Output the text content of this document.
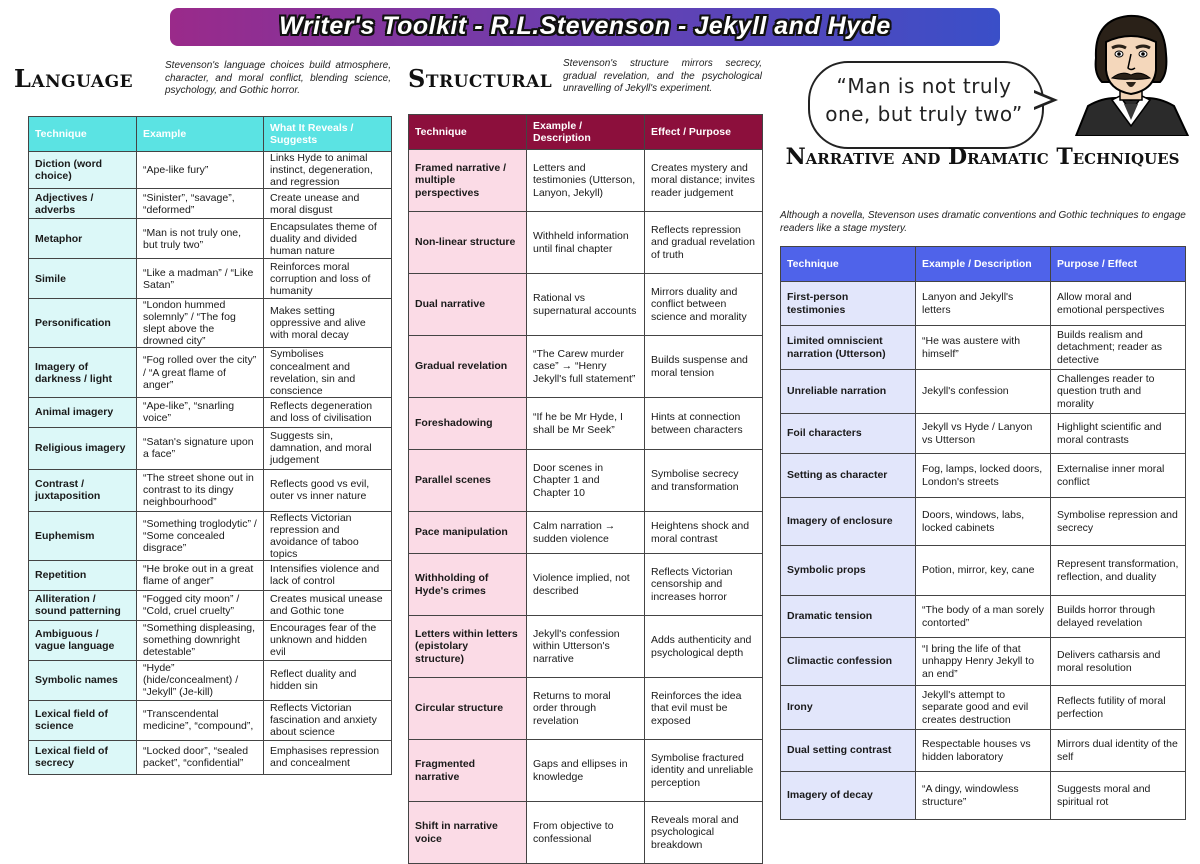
Writer's Toolkit - R.L.Stevenson - Jekyll and Hyde
Language	Stevenson's language choices build atmosphere, character, and moral conflict, blending science, psychology, and Gothic horror.
Technique	Example	What It Reveals / Suggests
Diction (word choice)	“Ape-like fury”	Links Hyde to animal instinct, degeneration, and regression
Adjectives / adverbs	“Sinister”, “savage”, “deformed”	Create unease and moral disgust
Metaphor	“Man is not truly one, but truly two”	Encapsulates theme of duality and divided human nature
Simile	“Like a madman” / “Like Satan”	Reinforces moral corruption and loss of humanity
Personification	“London hummed solemnly” / “The fog slept above the drowned city”	Makes setting oppressive and alive with moral decay
Imagery of darkness / light	“Fog rolled over the city” / “A great flame of anger”	Symbolises concealment and revelation, sin and conscience
Animal imagery	“Ape-like”, “snarling voice”	Reflects degeneration and loss of civilisation
Religious imagery	“Satan's signature upon a face”	Suggests sin, damnation, and moral judgement
Contrast / juxtaposition	“The street shone out in contrast to its dingy neighbourhood”	Reflects good vs evil, outer vs inner nature
Euphemism	“Something troglodytic” / “Some concealed disgrace”	Reflects Victorian repression and avoidance of taboo topics
Repetition	“He broke out in a great flame of anger”	Intensifies violence and lack of control
Alliteration / sound patterning	“Fogged city moon” / “Cold, cruel cruelty”	Creates musical unease and Gothic tone
Ambiguous / vague language	“Something displeasing, something downright detestable”	Encourages fear of the unknown and hidden evil
Symbolic names	“Hyde” (hide/concealment) / “Jekyll” (Je-kill)	Reflect duality and hidden sin
Lexical field of science	“Transcendental medicine”, “compound”,	Reflects Victorian fascination and anxiety about science
Lexical field of secrecy	“Locked door”, “sealed packet”, “confidential”	Emphasises repression and concealment
Structural
Stevenson's structure mirrors secrecy, gradual revelation, and the psychological unravelling of Jekyll's experiment.
Technique	Example / Description	Effect / Purpose
Framed narrative / multiple perspectives	Letters and testimonies (Utterson, Lanyon, Jekyll)	Creates mystery and moral distance; invites reader judgement
Non-linear structure	Withheld information until final chapter	Reflects repression and gradual revelation of truth
Dual narrative	Rational vs supernatural accounts	Mirrors duality and conflict between science and morality
Gradual revelation	“The Carew murder case” → “Henry Jekyll's full statement”	Builds suspense and moral tension
Foreshadowing	“If he be Mr Hyde, I shall be Mr Seek”	Hints at connection between characters
Parallel scenes	Door scenes in Chapter 1 and Chapter 10	Symbolise secrecy and transformation
Pace manipulation	Calm narration → sudden violence	Heightens shock and moral contrast
Withholding of Hyde's crimes	Violence implied, not described	Reflects Victorian censorship and increases horror
Letters within letters (epistolary structure)	Jekyll's confession within Utterson's narrative	Adds authenticity and psychological depth
Circular structure	Returns to moral order through revelation	Reinforces the idea that evil must be exposed
Fragmented narrative	Gaps and ellipses in knowledge	Symbolise fractured identity and unreliable perception
Shift in narrative voice	From objective to confessional	Reveals moral and psychological breakdown
“Man is not truly one, but truly two”
Narrative and Dramatic Techniques
Although a novella, Stevenson uses dramatic conventions and Gothic techniques to engage readers like a stage mystery.
Technique	Example / Description	Purpose / Effect
First-person testimonies	Lanyon and Jekyll's letters	Allow moral and emotional perspectives
Limited omniscient narration (Utterson)	“He was austere with himself”	Builds realism and detachment; reader as detective
Unreliable narration	Jekyll's confession	Challenges reader to question truth and morality
Foil characters	Jekyll vs Hyde / Lanyon vs Utterson	Highlight scientific and moral contrasts
Setting as character	Fog, lamps, locked doors, London's streets	Externalise inner moral conflict
Imagery of enclosure	Doors, windows, labs, locked cabinets	Symbolise repression and secrecy
Symbolic props	Potion, mirror, key, cane	Represent transformation, reflection, and duality
Dramatic tension	“The body of a man sorely contorted”	Builds horror through delayed revelation
Climactic confession	“I bring the life of that unhappy Henry Jekyll to an end”	Delivers catharsis and moral resolution
Irony	Jekyll's attempt to separate good and evil creates destruction	Reflects futility of moral perfection
Dual setting contrast	Respectable houses vs hidden laboratory	Mirrors dual identity of the self
Imagery of decay	“A dingy, windowless structure”	Suggests moral and spiritual rot
